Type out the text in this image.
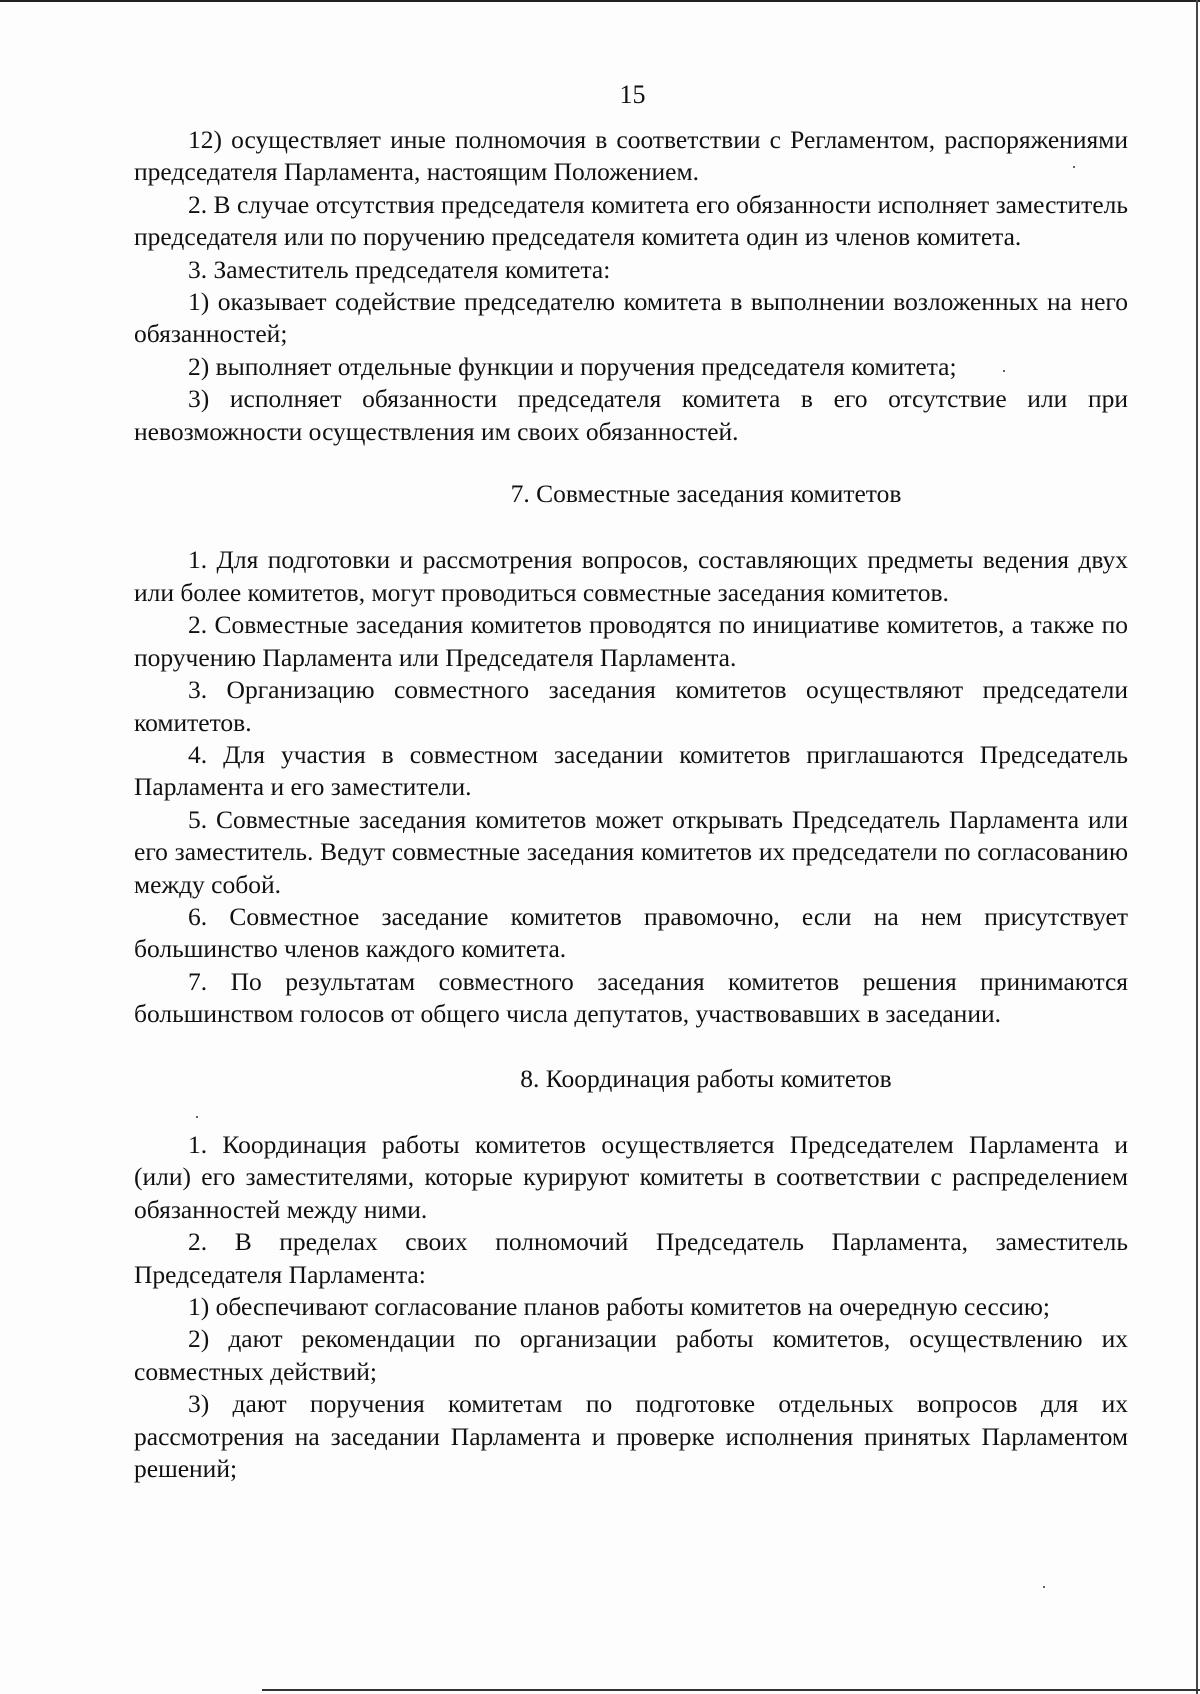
15

12) осуществляет иные полномочия в соответствии с Регламентом, распоряжениями председателя Парламента, настоящим Положением.

2. В случае отсутствия председателя комитета его обязанности исполняет заместитель председателя или по поручению председателя комитета один из членов комитета.

3. Заместитель председателя комитета:

1) оказывает содействие председателю комитета в выполнении возложенных на него обязанностей;

2) выполняет отдельные функции и поручения председателя комитета;

3) исполняет обязанности председателя комитета в его отсутствие или при невозможности осуществления им своих обязанностей.

7. Совместные заседания комитетов

1. Для подготовки и рассмотрения вопросов, составляющих предметы ведения двух или более комитетов, могут проводиться совместные заседания комитетов.

2. Совместные заседания комитетов проводятся по инициативе комитетов, а также по поручению Парламента или Председателя Парламента.

3. Организацию совместного заседания комитетов осуществляют председатели комитетов.

4. Для участия в совместном заседании комитетов приглашаются Председатель Парламента и его заместители.

5. Совместные заседания комитетов может открывать Председатель Парламента или его заместитель. Ведут совместные заседания комитетов их председатели по согласованию между собой.

6. Совместное заседание комитетов правомочно, если на нем присутствует большинство членов каждого комитета.

7. По результатам совместного заседания комитетов решения принимаются большинством голосов от общего числа депутатов, участвовавших в заседании.

8. Координация работы комитетов

1. Координация работы комитетов осуществляется Председателем Парламента и (или) его заместителями, которые курируют комитеты в соответствии с распределением обязанностей между ними.

2. В пределах своих полномочий Председатель Парламента, заместитель Председателя Парламента:

1) обеспечивают согласование планов работы комитетов на очередную сессию;

2) дают рекомендации по организации работы комитетов, осуществлению их совместных действий;

3) дают поручения комитетам по подготовке отдельных вопросов для их рассмотрения на заседании Парламента и проверке исполнения принятых Парламентом решений;
